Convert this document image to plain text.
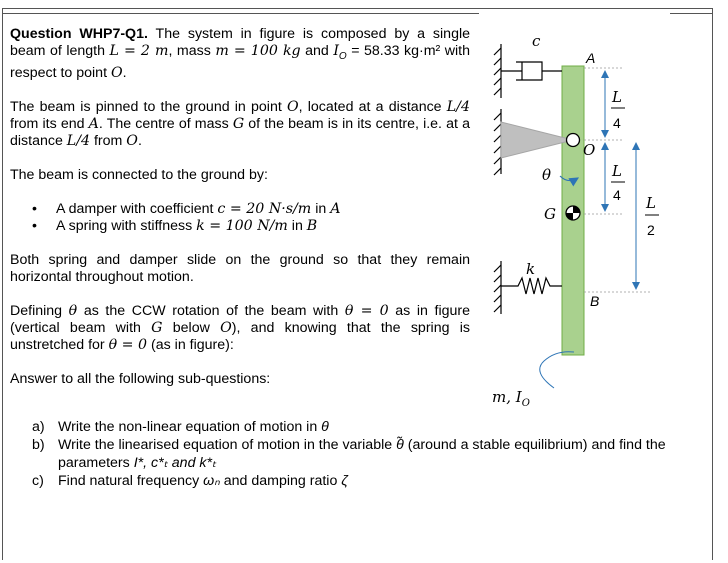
Question WHP7-Q1. The system in figure is composed by a single beam of length L = 2 m, mass m = 100 kg and $I_O = 58.33$ kg·m² with respect to point O.

The beam is pinned to the ground in point O, located at a distance L/4 from its end A. The centre of mass G of the beam is in its centre, i.e. at a distance L/4 from O.

The beam is connected to the ground by:

• A damper with coefficient c = 20 N·s/m in A
• A spring with stiffness k = 100 N/m in B

Both spring and damper slide on the ground so that they remain horizontal throughout motion.

Defining θ as the CCW rotation of the beam with θ = 0 as in figure (vertical beam with G below O), and knowing that the spring is unstretched for θ = 0 (as in figure):

Answer to all the following sub-questions:

a) Write the non-linear equation of motion in θ
b) Write the linearised equation of motion in the variable θ̃ (around a stable equilibrium) and find the parameters I*, c*ₜ and k*ₜ
c) Find natural frequency ωₙ and damping ratio ζ
c
A
O
θ
G
k
B
m, $I_O$
L
4
L
4 L
2
